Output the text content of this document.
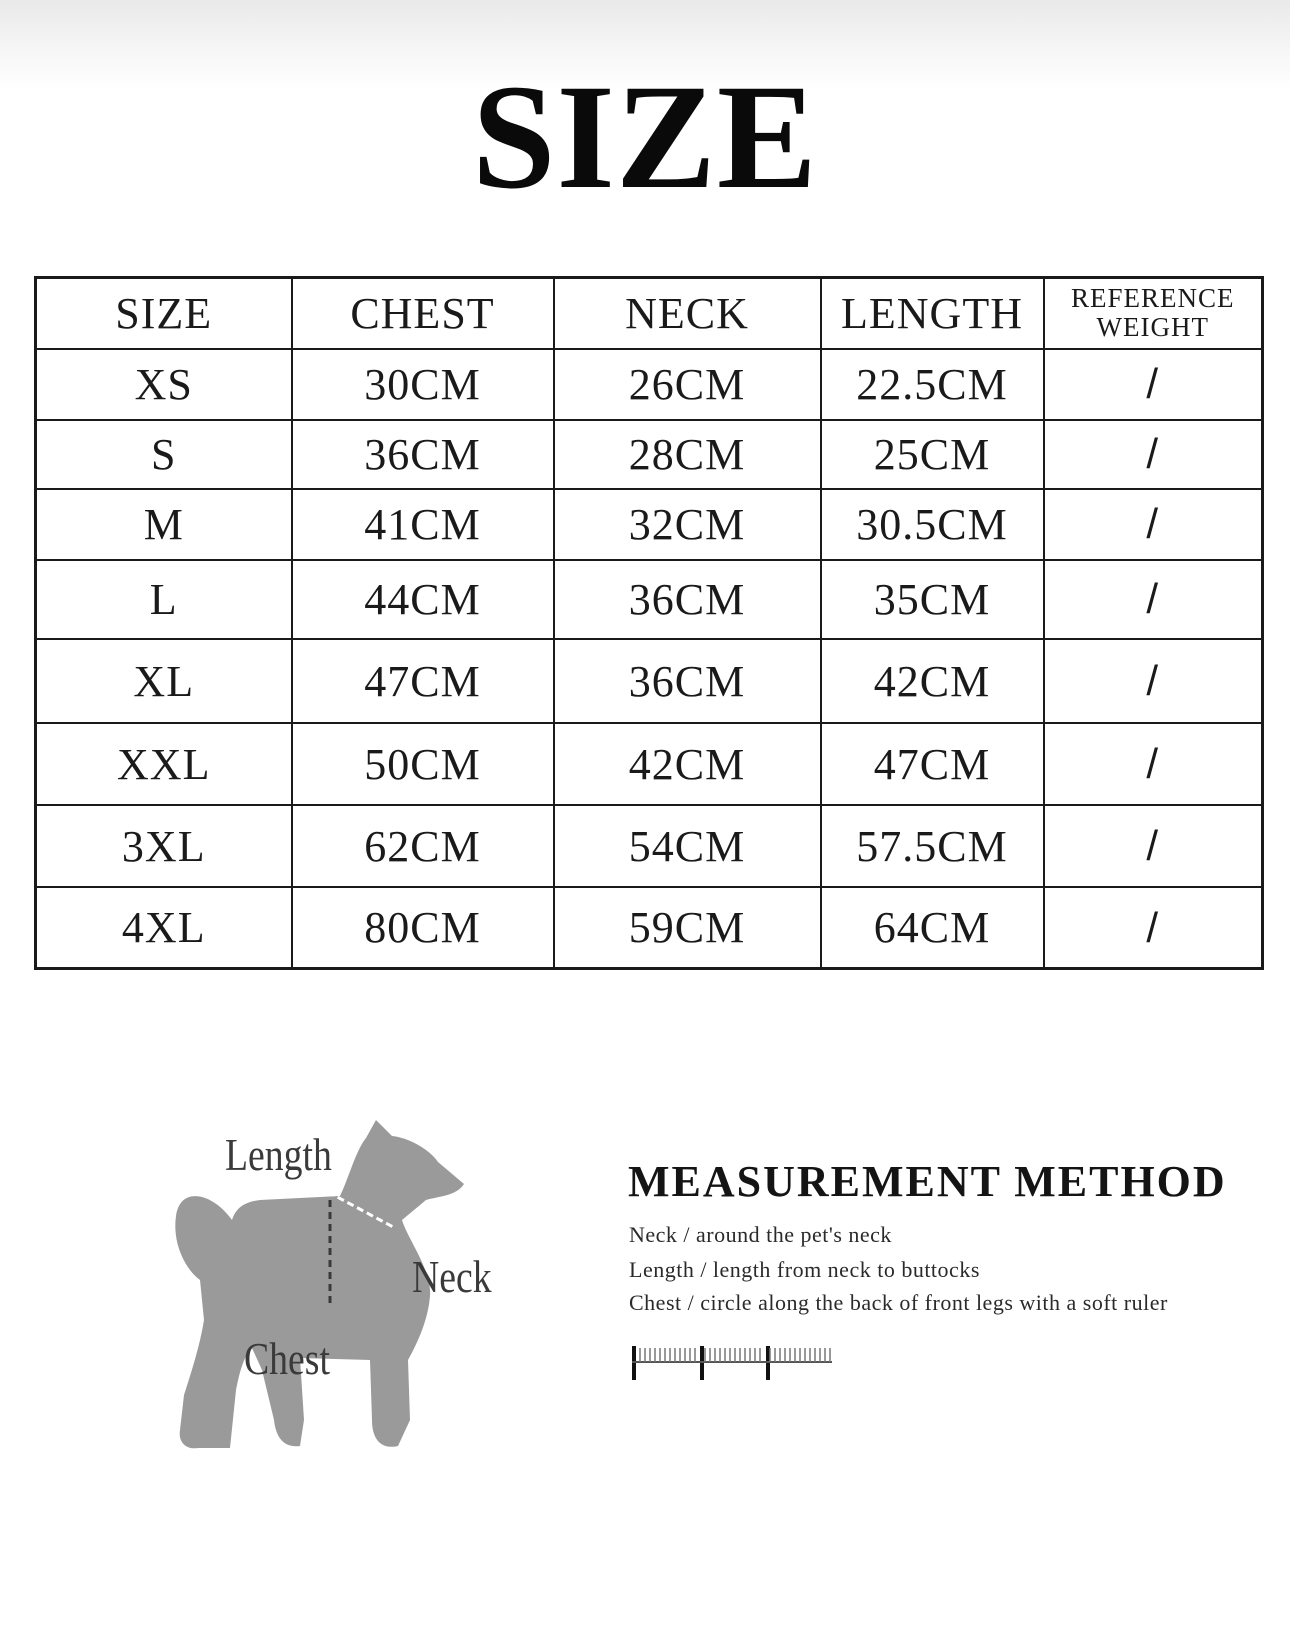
SIZE
SIZE	CHEST	NECK	LENGTH	REFERENCE
WEIGHT

XS	30CM	26CM	22.5CM	/
S	36CM	28CM	25CM	/
M	41CM	32CM	30.5CM	/
L	44CM	36CM	35CM	/
XL	47CM	36CM	42CM	/
XXL	50CM	42CM	47CM	/
3XL	62CM	54CM	57.5CM	/
4XL	80CM	59CM	64CM	/
Length
Neck
Chest
MEASUREMENT METHOD
Neck / around the pet's neck
Length / length from neck to buttocks
Chest / circle along the back of front legs with a soft ruler
